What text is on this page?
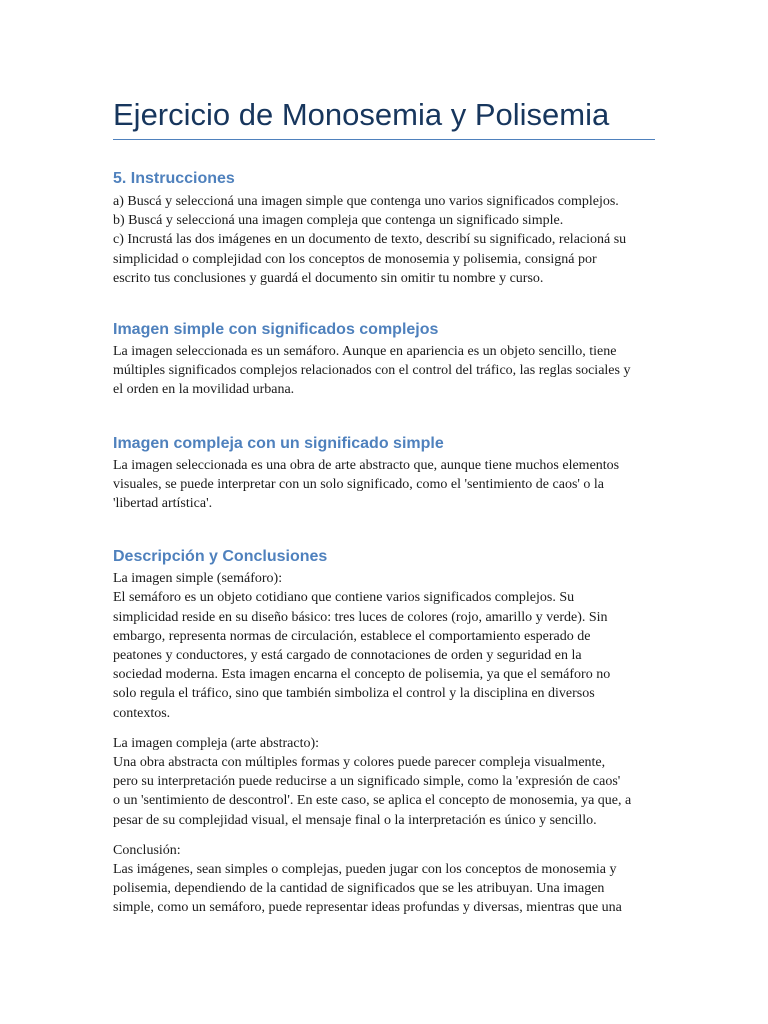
Ejercicio de Monosemia y Polisemia
5. Instrucciones

a) Buscá y seleccioná una imagen simple que contenga uno varios significados complejos.
b) Buscá y seleccioná una imagen compleja que contenga un significado simple.
c) Incrustá las dos imágenes en un documento de texto, describí su significado, relacioná su
simplicidad o complejidad con los conceptos de monosemia y polisemia, consigná por
escrito tus conclusiones y guardá el documento sin omitir tu nombre y curso.

Imagen simple con significados complejos

La imagen seleccionada es un semáforo. Aunque en apariencia es un objeto sencillo, tiene
múltiples significados complejos relacionados con el control del tráfico, las reglas sociales y
el orden en la movilidad urbana.

Imagen compleja con un significado simple

La imagen seleccionada es una obra de arte abstracto que, aunque tiene muchos elementos
visuales, se puede interpretar con un solo significado, como el 'sentimiento de caos' o la
'libertad artística'.

Descripción y Conclusiones

La imagen simple (semáforo):
El semáforo es un objeto cotidiano que contiene varios significados complejos. Su
simplicidad reside en su diseño básico: tres luces de colores (rojo, amarillo y verde). Sin
embargo, representa normas de circulación, establece el comportamiento esperado de
peatones y conductores, y está cargado de connotaciones de orden y seguridad en la
sociedad moderna. Esta imagen encarna el concepto de polisemia, ya que el semáforo no
solo regula el tráfico, sino que también simboliza el control y la disciplina en diversos
contextos.

La imagen compleja (arte abstracto):
Una obra abstracta con múltiples formas y colores puede parecer compleja visualmente,
pero su interpretación puede reducirse a un significado simple, como la 'expresión de caos'
o un 'sentimiento de descontrol'. En este caso, se aplica el concepto de monosemia, ya que, a
pesar de su complejidad visual, el mensaje final o la interpretación es único y sencillo.

Conclusión:
Las imágenes, sean simples o complejas, pueden jugar con los conceptos de monosemia y
polisemia, dependiendo de la cantidad de significados que se les atribuyan. Una imagen
simple, como un semáforo, puede representar ideas profundas y diversas, mientras que una
